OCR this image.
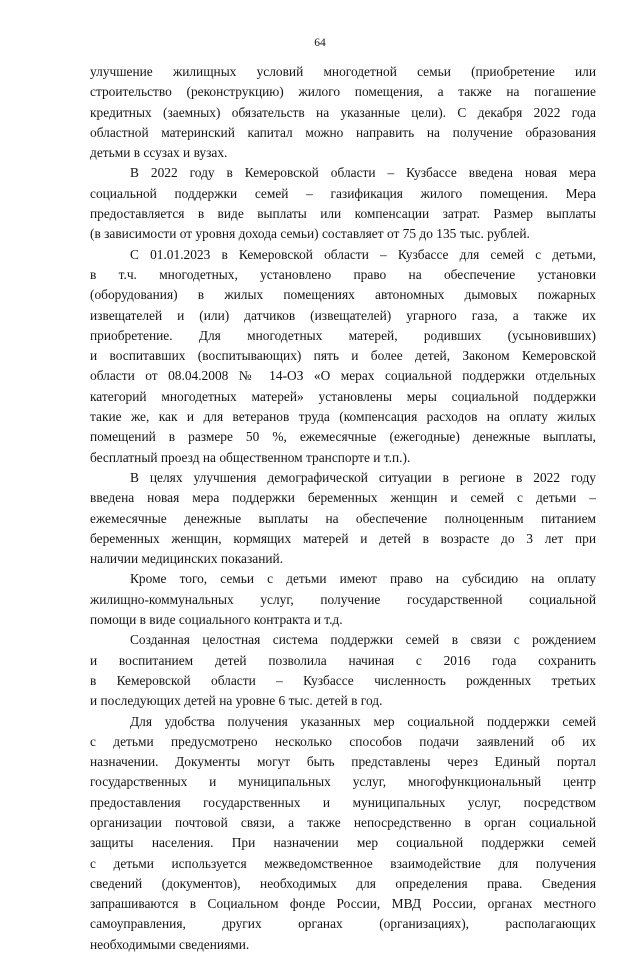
64
улучшение жилищных условий многодетной семьи (приобретение или
строительство (реконструкцию) жилого помещения, а также на погашение
кредитных (заемных) обязательств на указанные цели). С декабря 2022 года
областной материнский капитал можно направить на получение образования
детьми в ссузах и вузах.
В 2022 году в Кемеровской области – Кузбассе введена новая мера
социальной поддержки семей – газификация жилого помещения. Мера
предоставляется в виде выплаты или компенсации затрат. Размер выплаты
(в зависимости от уровня дохода семьи) составляет от 75 до 135 тыс. рублей.
С 01.01.2023 в Кемеровской области – Кузбассе для семей с детьми,
в т.ч. многодетных, установлено право на обеспечение установки
(оборудования) в жилых помещениях автономных дымовых пожарных
извещателей и (или) датчиков (извещателей) угарного газа, а также их
приобретение. Для многодетных матерей, родивших (усыновивших)
и воспитавших (воспитывающих) пять и более детей, Законом Кемеровской
области от 08.04.2008 № 14-ОЗ «О мерах социальной поддержки отдельных
категорий многодетных матерей» установлены меры социальной поддержки
такие же, как и для ветеранов труда (компенсация расходов на оплату жилых
помещений в размере 50 %, ежемесячные (ежегодные) денежные выплаты,
бесплатный проезд на общественном транспорте и т.п.).
В целях улучшения демографической ситуации в регионе в 2022 году
введена новая мера поддержки беременных женщин и семей с детьми –
ежемесячные денежные выплаты на обеспечение полноценным питанием
беременных женщин, кормящих матерей и детей в возрасте до 3 лет при
наличии медицинских показаний.
Кроме того, семьи с детьми имеют право на субсидию на оплату
жилищно-коммунальных услуг, получение государственной социальной
помощи в виде социального контракта и т.д.
Созданная целостная система поддержки семей в связи с рождением
и воспитанием детей позволила начиная с 2016 года сохранить
в Кемеровской области – Кузбассе численность рожденных третьих
и последующих детей на уровне 6 тыс. детей в год.
Для удобства получения указанных мер социальной поддержки семей
с детьми предусмотрено несколько способов подачи заявлений об их
назначении. Документы могут быть представлены через Единый портал
государственных и муниципальных услуг, многофункциональный центр
предоставления государственных и муниципальных услуг, посредством
организации почтовой связи, а также непосредственно в орган социальной
защиты населения. При назначении мер социальной поддержки семей
с детьми используется межведомственное взаимодействие для получения
сведений (документов), необходимых для определения права. Сведения
запрашиваются в Социальном фонде России, МВД России, органах местного
самоуправления, других органах (организациях), располагающих
необходимыми сведениями.
